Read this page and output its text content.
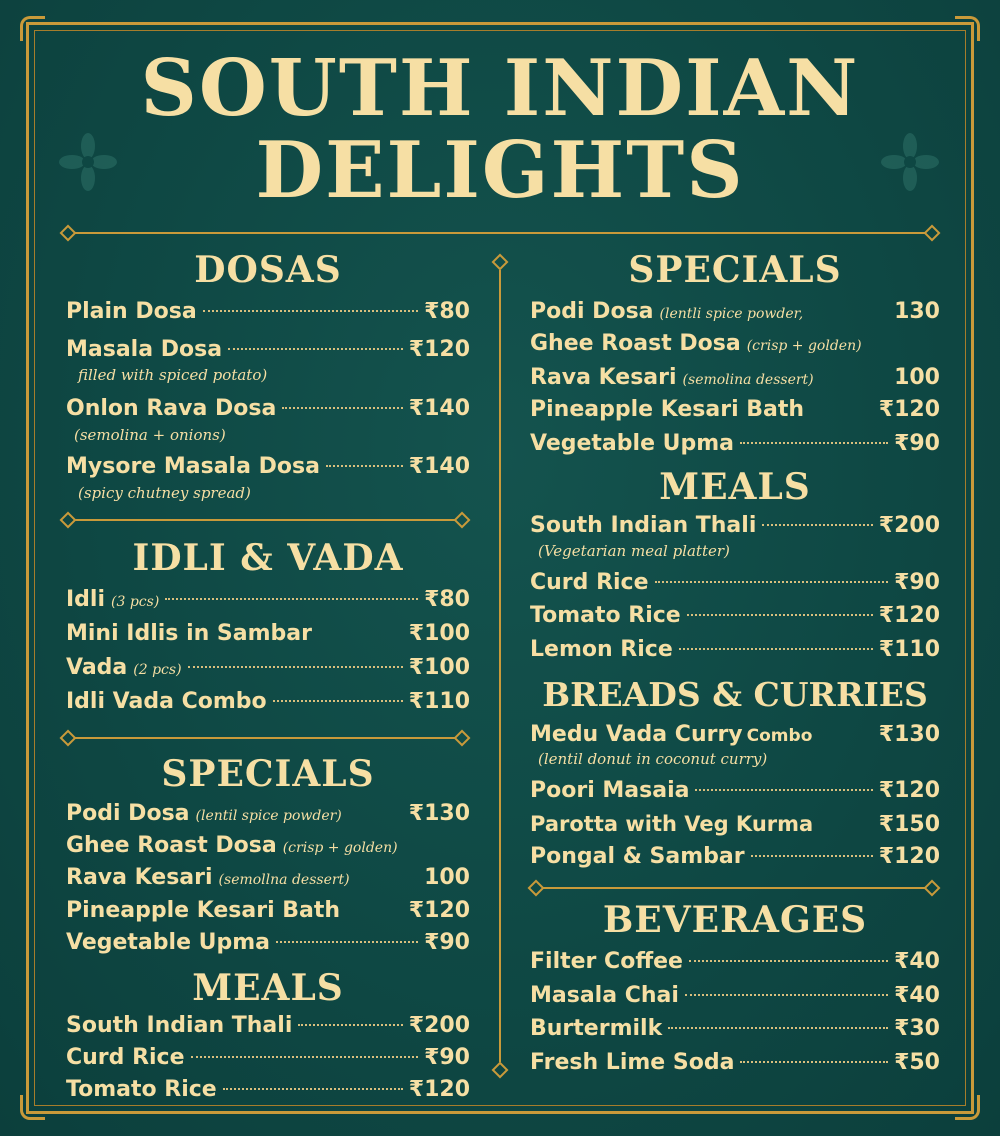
SOUTH INDIAN
DELIGHTS
DOSAS
Plain Dosa	₹80
Masala Dosa	₹120
filled with spiced potato)
Onlon Rava Dosa	₹140
(semolina + onions)
Mysore Masala Dosa	₹140
(spicy chutney spread)
IDLI & VADA
Idli (3 pcs)	₹80
Mini Idlis in Sambar	₹100
Vada (2 pcs)	₹100
Idli Vada Combo	₹110
SPECIALS
Podi Dosa (lentil spice powder)	₹130
Ghee Roast Dosa (crisp + golden)
Rava Kesari (semollna dessert)	100
Pineapple Kesari Bath	₹120
Vegetable Upma	₹90
MEALS
South Indian Thali	₹200
Curd Rice	₹90
Tomato Rice	₹120
SPECIALS
Podi Dosa (lentli spice powder,	130
Ghee Roast Dosa (crisp + golden)
Rava Kesari (semolina dessert)	100
Pineapple Kesari Bath	₹120
Vegetable Upma	₹90
MEALS
South Indian Thali	₹200
(Vegetarian meal platter)
Curd Rice	₹90
Tomato Rice	₹120
Lemon Rice	₹110
BREADS & CURRIES
Medu Vada Curry Combo	₹130
(lentil donut in coconut curry)
Poori Masaia	₹120
Parotta with Veg Kurma	₹150
Pongal & Sambar	₹120
BEVERAGES
Filter Coffee	₹40
Masala Chai	₹40
Burtermilk	₹30
Fresh Lime Soda	₹50
